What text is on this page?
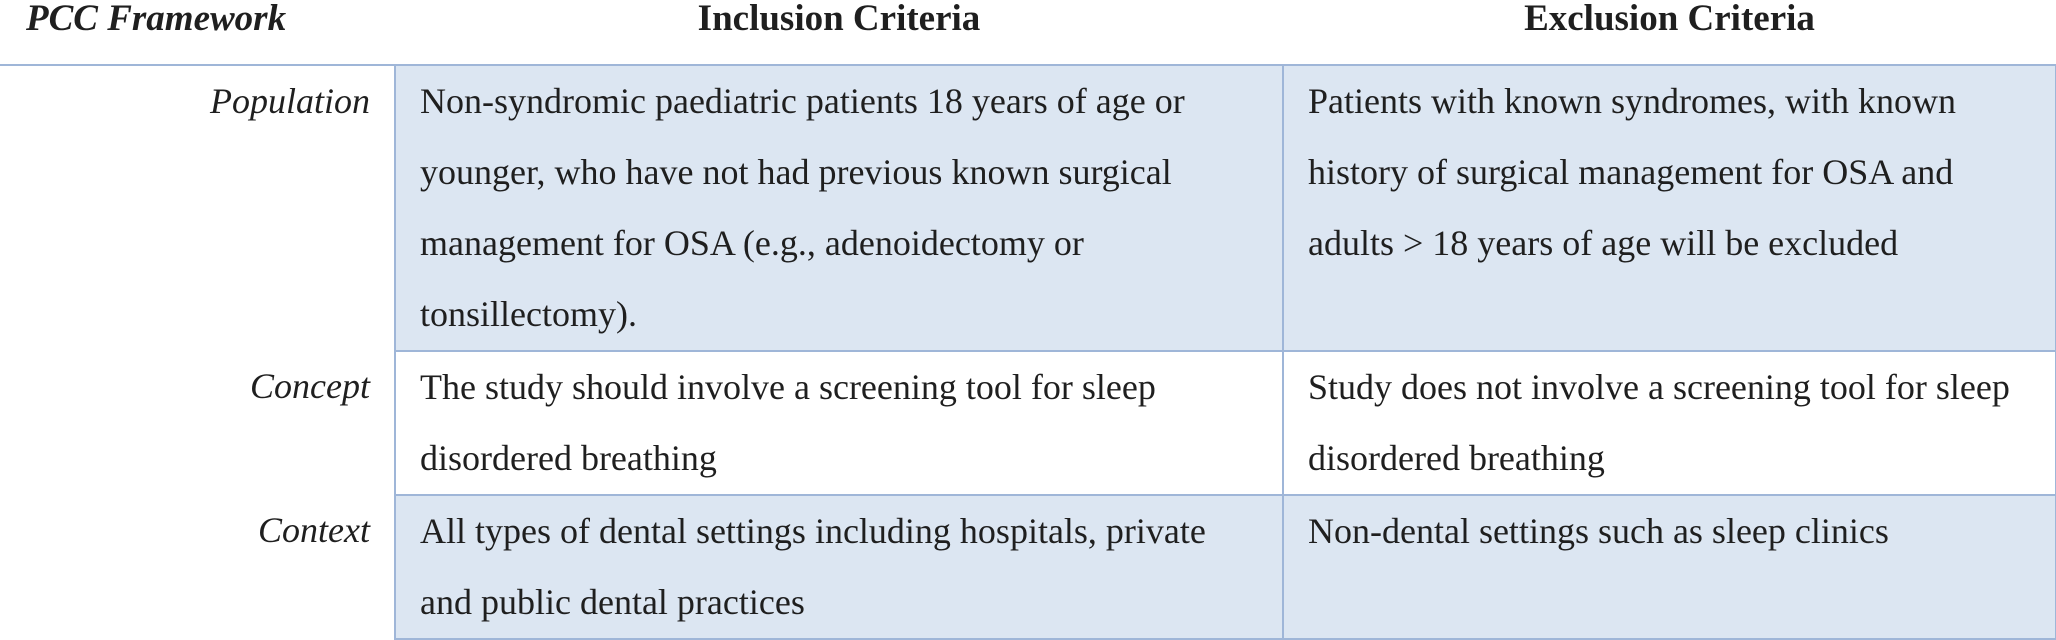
PCC Framework	Inclusion Criteria	Exclusion Criteria
Population	Non-syndromic paediatric patients 18 years of age or younger, who have not had previous known surgical management for OSA (e.g., adenoidectomy or tonsillectomy).	Patients with known syndromes, with known history of surgical management for OSA and adults > 18 years of age will be excluded
Concept	The study should involve a screening tool for sleep disordered breathing	Study does not involve a screening tool for sleep disordered breathing
Context	All types of dental settings including hospitals, private and public dental practices	Non-dental settings such as sleep clinics
